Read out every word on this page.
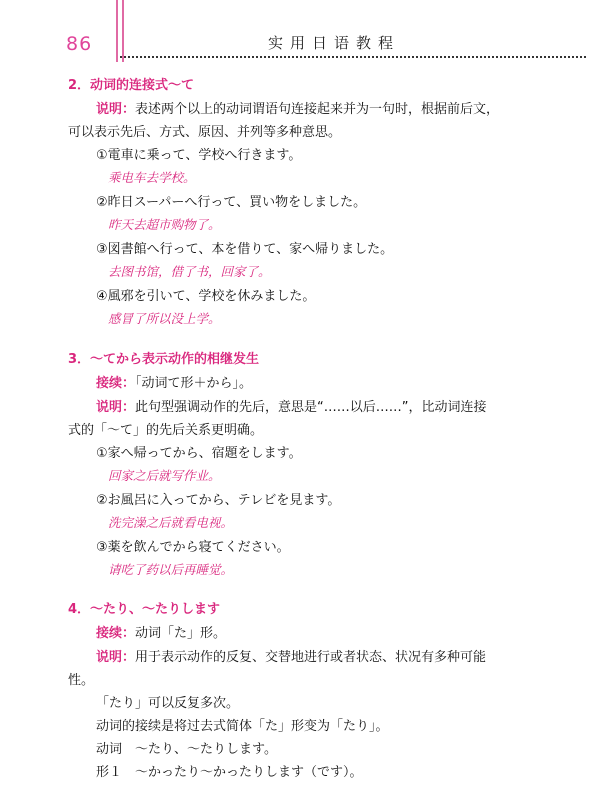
86	实用日语教程
2．动词的连接式〜て
说明：表述两个以上的动词谓语句连接起来并为一句时，根据前后文，
可以表示先后、方式、原因、并列等多种意思。
①電車に乗って、学校へ行きます。
乘电车去学校。
②昨日スーパーへ行って、買い物をしました。
昨天去超市购物了。
③図書館へ行って、本を借りて、家へ帰りました。
去图书馆，借了书，回家了。
④風邪を引いて、学校を休みました。
感冒了所以没上学。
3．〜てから表示动作的相继发生
接续：「动词て形＋から」。
说明：此句型强调动作的先后，意思是“……以后……”，比动词连接
式的「〜て」的先后关系更明确。
①家へ帰ってから、宿題をします。
回家之后就写作业。
②お風呂に入ってから、テレビを見ます。
洗完澡之后就看电视。
③薬を飲んでから寝てください。
请吃了药以后再睡觉。
4．〜たり、〜たりします
接续：动词「た」形。
说明：用于表示动作的反复、交替地进行或者状态、状况有多种可能
性。
「たり」可以反复多次。
动词的接续是将过去式简体「た」形变为「たり」。
动词　〜たり、〜たりします。
形１　〜かったり〜かったりします（です）。
